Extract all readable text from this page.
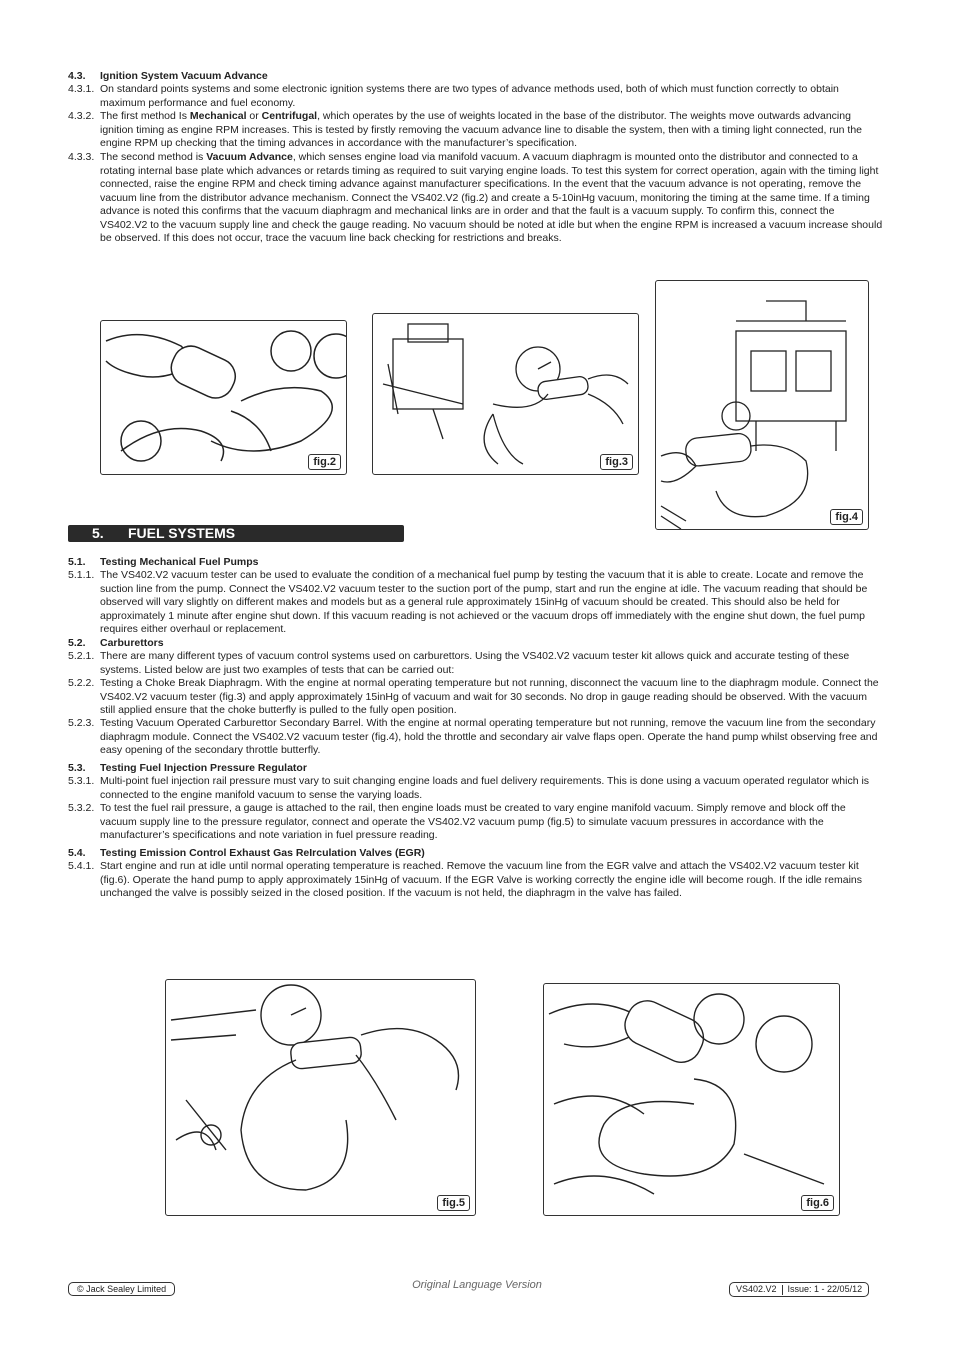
4.3. Ignition System Vacuum Advance
4.3.1. On standard points systems and some electronic ignition systems there are two types of advance methods used, both of which must function correctly to obtain maximum performance and fuel economy.
4.3.2. The first method Is Mechanical or Centrifugal, which operates by the use of weights located in the base of the distributor. The weights move outwards advancing ignition timing as engine RPM increases. This is tested by firstly removing the vacuum advance line to disable the system, then with a timing light connected, run the engine RPM up checking that the timing advances in accordance with the manufacturer’s specification.
4.3.3. The second method is Vacuum Advance, which senses engine load via manifold vacuum. A vacuum diaphragm is mounted onto the distributor and connected to a rotating internal base plate which advances or retards timing as required to suit varying engine loads. To test this system for correct operation, again with the timing light connected, raise the engine RPM and check timing advance against manufacturer specifications. In the event that the vacuum advance is not operating, remove the vacuum line from the distributor advance mechanism. Connect the VS402.V2 (fig.2) and create a 5-10inHg vacuum, monitoring the timing at the same time. If a timing advance is noted this confirms that the vacuum diaphragm and mechanical links are in order and that the fault is a vacuum supply. To confirm this, connect the VS402.V2 to the vacuum supply line and check the gauge reading. No vacuum should be noted at idle but when the engine RPM is increased a vacuum increase should be observed. If this does not occur, trace the vacuum line back checking for restrictions and breaks.
fig.2	fig.3
fig.4
5. FUEL SYSTEMS
5.1. Testing Mechanical Fuel Pumps
5.1.1. The VS402.V2 vacuum tester can be used to evaluate the condition of a mechanical fuel pump by testing the vacuum that it is able to create. Locate and remove the suction line from the pump. Connect the VS402.V2 vacuum tester to the suction port of the pump, start and run the engine at idle. The vacuum reading that should be observed will vary slightly on different makes and models but as a general rule approximately 15inHg of vacuum should be created. This should also be held for approximately 1 minute after engine shut down. If this vacuum reading is not achieved or the vacuum drops off immediately with the engine shut down, the fuel pump requires either overhaul or replacement.
5.2. Carburettors
5.2.1. There are many different types of vacuum control systems used on carburettors. Using the VS402.V2 vacuum tester kit allows quick and accurate testing of these systems. Listed below are just two examples of tests that can be carried out:
5.2.2. Testing a Choke Break Diaphragm. With the engine at normal operating temperature but not running, disconnect the vacuum line to the diaphragm module. Connect the VS402.V2 vacuum tester (fig.3) and apply approximately 15inHg of vacuum and wait for 30 seconds. No drop in gauge reading should be observed. With the vacuum still applied ensure that the choke butterfly is pulled to the fully open position.
5.2.3. Testing Vacuum Operated Carburettor Secondary Barrel. With the engine at normal operating temperature but not running, remove the vacuum line from the secondary diaphragm module. Connect the VS402.V2 vacuum tester (fig.4), hold the throttle and secondary air valve flaps open. Operate the hand pump whilst observing free and easy opening of the secondary throttle butterfly.
5.3. Testing Fuel Injection Pressure Regulator
5.3.1. Multi-point fuel injection rail pressure must vary to suit changing engine loads and fuel delivery requirements. This is done using a vacuum operated regulator which is connected to the engine manifold vacuum to sense the varying loads.
5.3.2. To test the fuel rail pressure, a gauge is attached to the rail, then engine loads must be created to vary engine manifold vacuum. Simply remove and block off the vacuum supply line to the pressure regulator, connect and operate the VS402.V2 vacuum pump (fig.5) to simulate vacuum pressures in accordance with the manufacturer’s specifications and note variation in fuel pressure reading.
5.4. Testing Emission Control Exhaust Gas ReIrculation Valves (EGR)
5.4.1. Start engine and run at idle until normal operating temperature is reached. Remove the vacuum line from the EGR valve and attach the VS402.V2 vacuum tester kit (fig.6). Operate the hand pump to apply approximately 15inHg of vacuum. If the EGR Valve is working correctly the engine idle will become rough. If the idle remains unchanged the valve is possibly seized in the closed position. If the vacuum is not held, the diaphragm in the valve has failed.
fig.5	fig.6
© Jack Sealey Limited	Original Language Version	VS402.V2 Issue: 1 - 22/05/12
